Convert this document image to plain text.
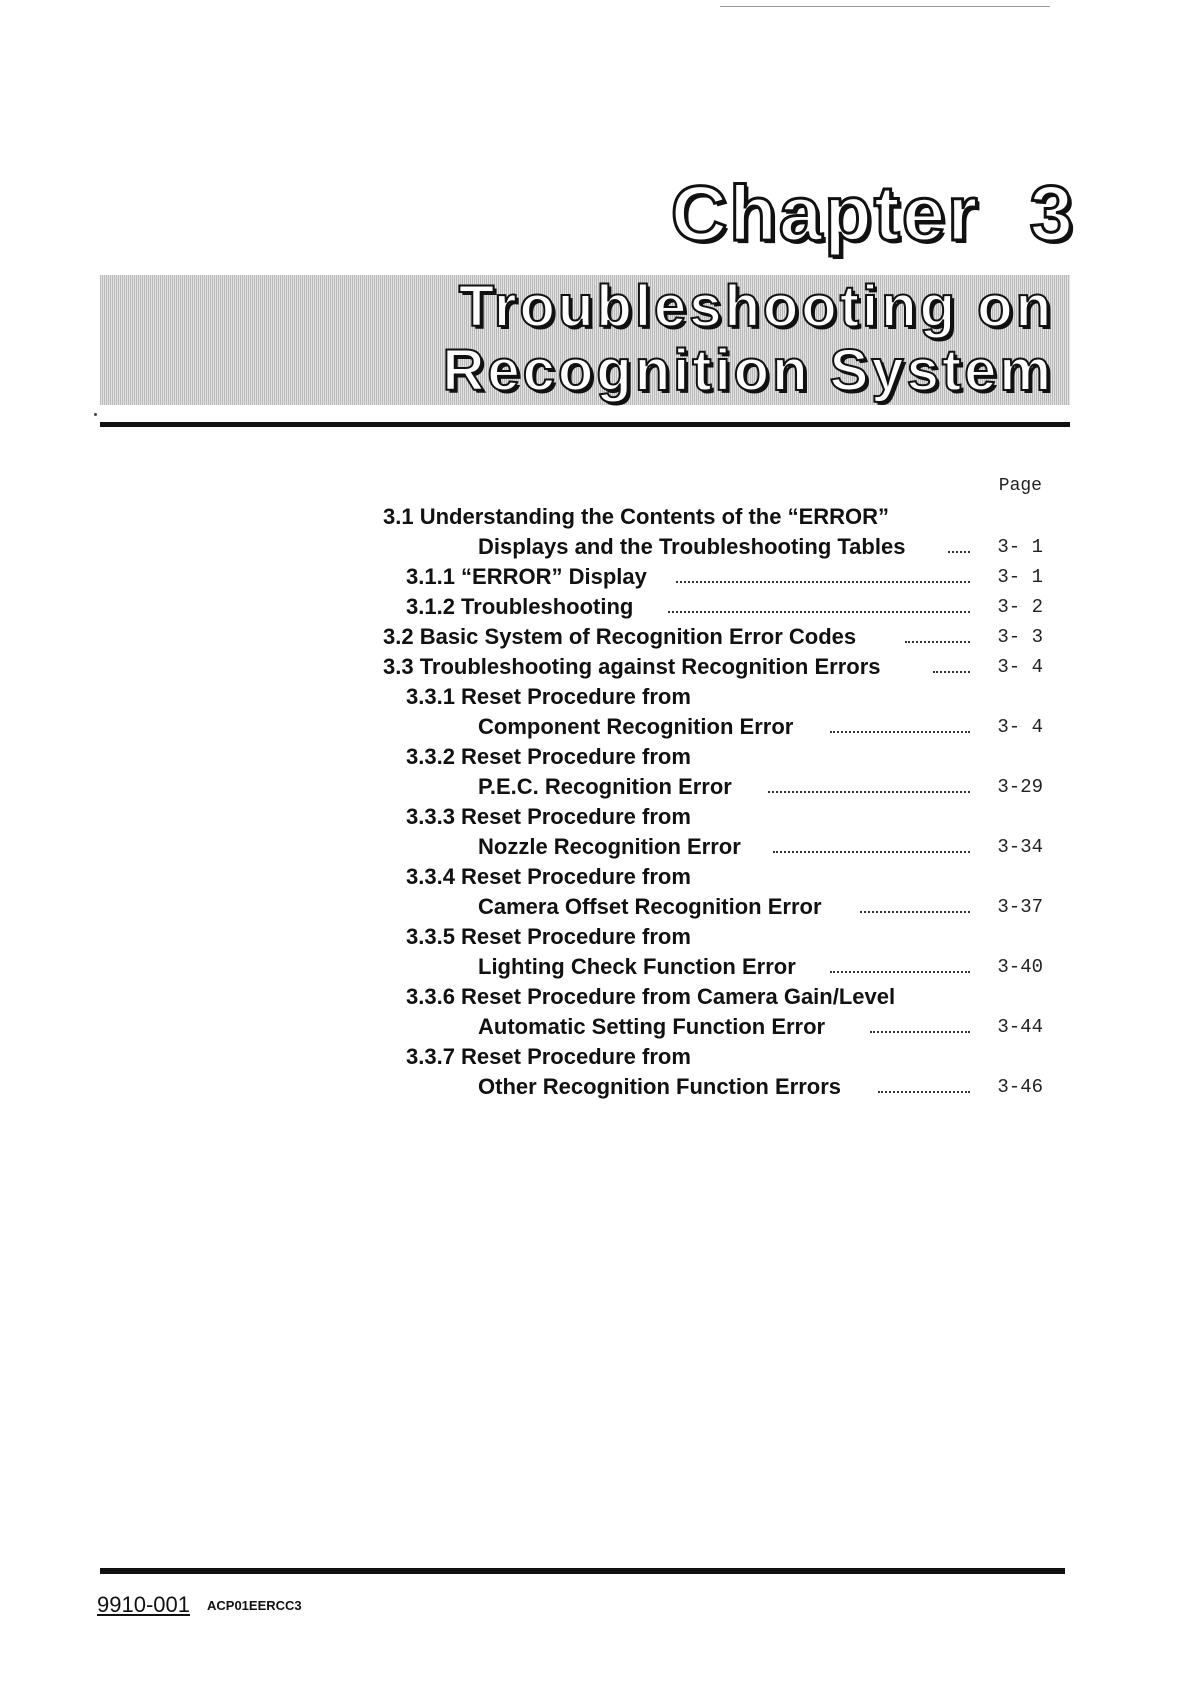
Chapter 3
Troubleshooting on
Recognition System
Page
3.1 Understanding the Contents of the “ERROR”
Displays and the Troubleshooting Tables	3- 1
3.1.1 “ERROR” Display	3- 1
3.1.2 Troubleshooting	3- 2
3.2 Basic System of Recognition Error Codes	3- 3
3.3 Troubleshooting against Recognition Errors	3- 4
3.3.1 Reset Procedure from
Component Recognition Error	3- 4
3.3.2 Reset Procedure from
P.E.C. Recognition Error	3-29
3.3.3 Reset Procedure from
Nozzle Recognition Error	3-34
3.3.4 Reset Procedure from
Camera Offset Recognition Error	3-37
3.3.5 Reset Procedure from
Lighting Check Function Error	3-40
3.3.6 Reset Procedure from Camera Gain/Level
Automatic Setting Function Error	3-44
3.3.7 Reset Procedure from
Other Recognition Function Errors	3-46
9910-001 ACP01EERCC3
